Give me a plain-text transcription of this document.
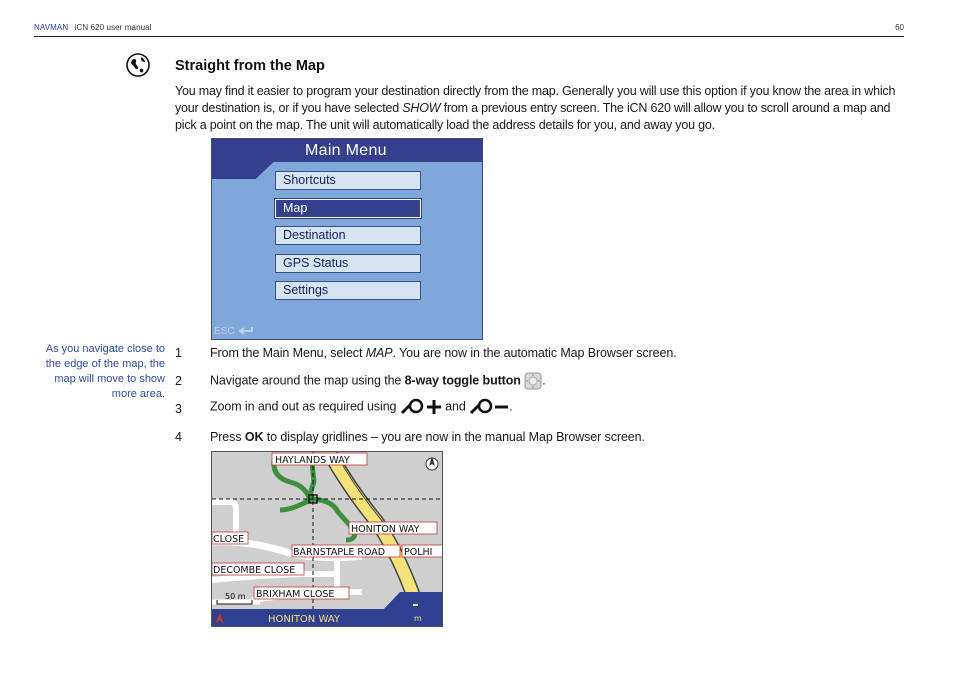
NAVMAN iCN 620 user manual	60
Straight from the Map
You may find it easier to program your destination directly from the map. Generally you will use this option if you know the area in which your destination is, or if you have selected SHOW from a previous entry screen. The iCN 620 will allow you to scroll around a map and pick a point on the map. The unit will automatically load the address details for you, and away you go.
Main Menu
Shortcuts
Map
Destination
GPS Status
Settings
ESC
As you navigate close to the edge of the map, the map will move to show more area.
1 From the Main Menu, select MAP. You are now in the automatic Map Browser screen.
2 Navigate around the map using the 8-way toggle button .
3 Zoom in and out as required using	and	.
4 Press OK to display gridlines – you are now in the manual Map Browser screen.
HAYLANDS WAY
HONITON WAY
CLOSE
BARNSTAPLE ROAD POLHI
DECOMBE CLOSE
BRIXHAM CLOSE
50 m
HONITON WAY	m
